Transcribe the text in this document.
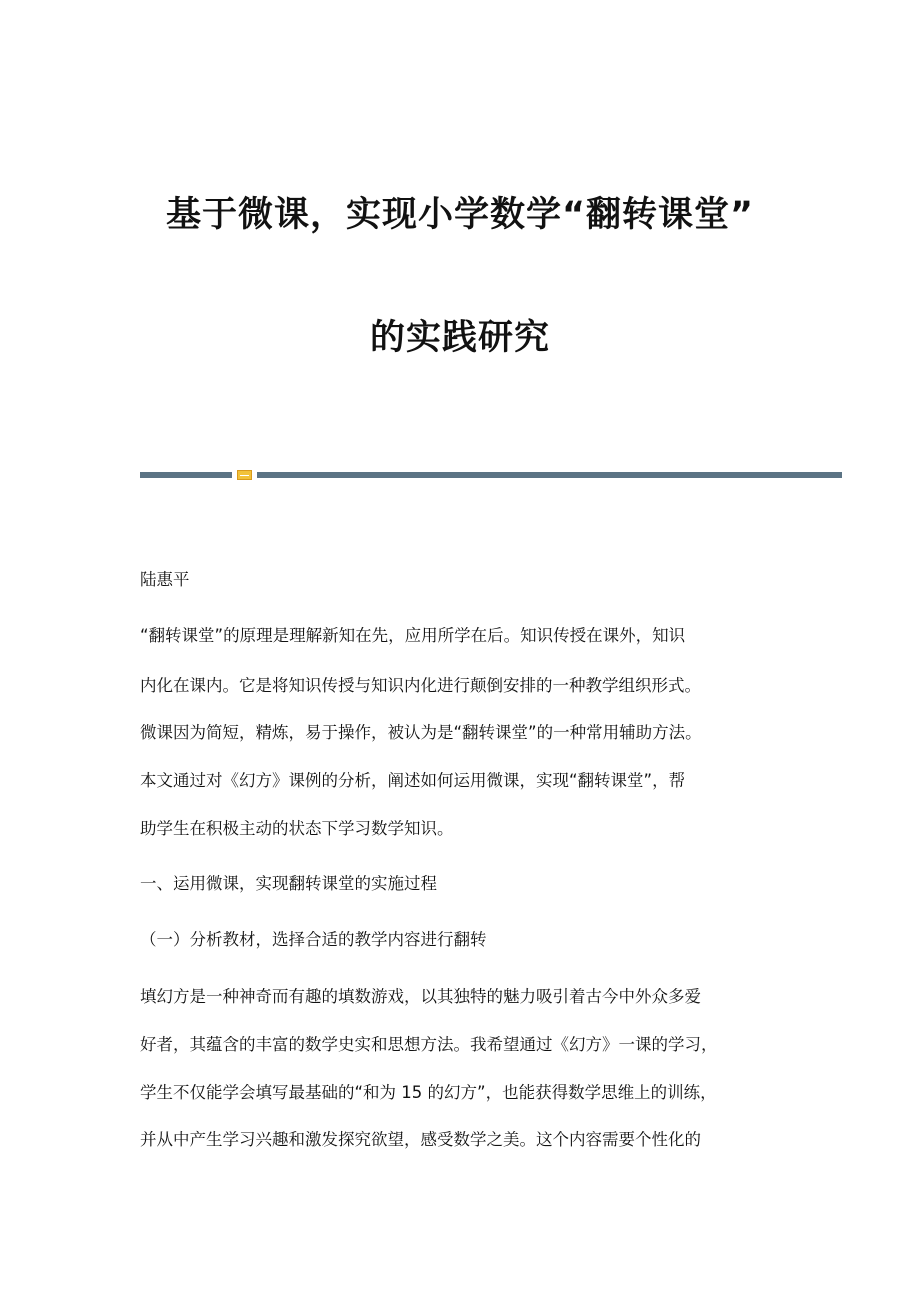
基于微课，实现小学数学“翻转课堂”
的实践研究

陆惠平

“翻转课堂”的原理是理解新知在先，应用所学在后。知识传授在课外，知识

内化在课内。它是将知识传授与知识内化进行颠倒安排的一种教学组织形式。

微课因为简短，精炼，易于操作，被认为是“翻转课堂”的一种常用辅助方法。

本文通过对《幻方》课例的分析，阐述如何运用微课，实现“翻转课堂”，帮

助学生在积极主动的状态下学习数学知识。

一、运用微课，实现翻转课堂的实施过程

（一）分析教材，选择合适的教学内容进行翻转

填幻方是一种神奇而有趣的填数游戏，以其独特的魅力吸引着古今中外众多爱

好者，其蕴含的丰富的数学史实和思想方法。我希望通过《幻方》一课的学习，

学生不仅能学会填写最基础的“和为 15 的幻方”，也能获得数学思维上的训练，

并从中产生学习兴趣和激发探究欲望，感受数学之美。这个内容需要个性化的
